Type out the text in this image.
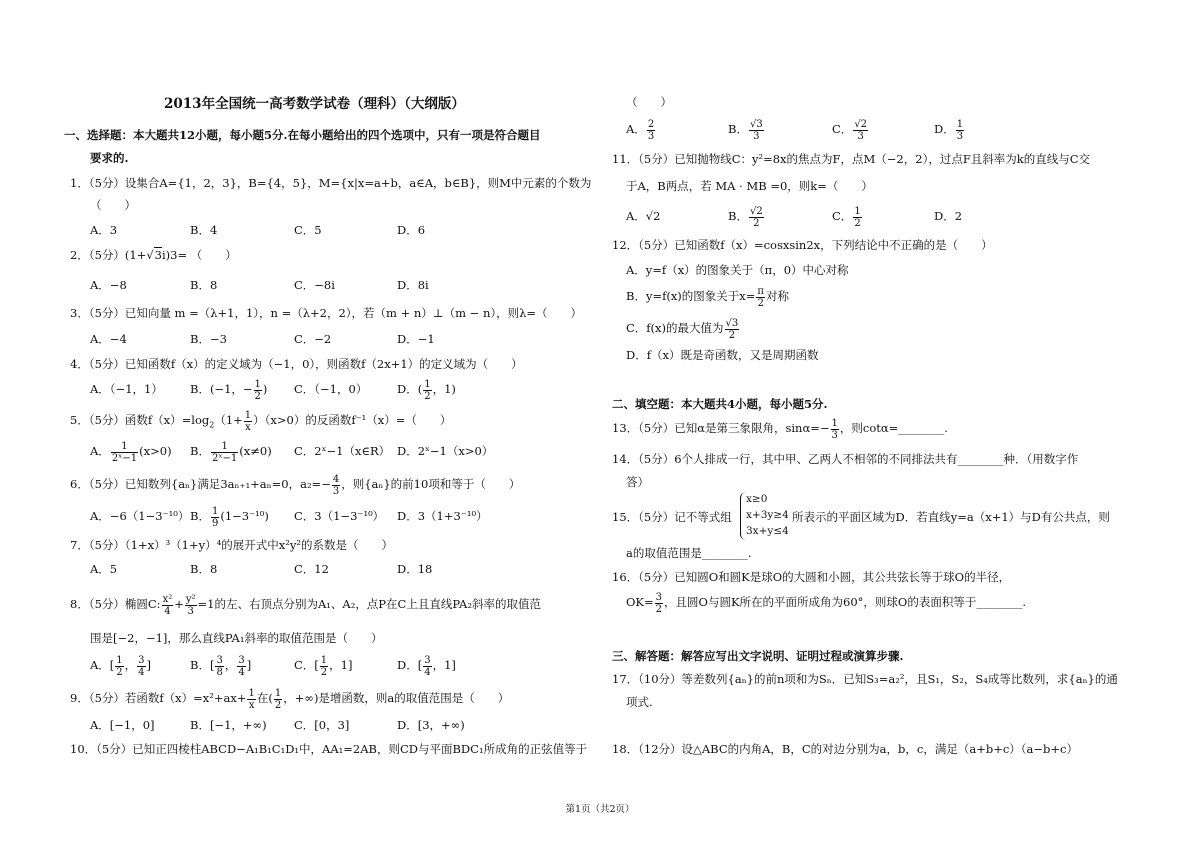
2013年全国统一高考数学试卷（理科）（大纲版）
一、选择题：本大题共12小题，每小题5分.在每小题给出的四个选项中，只有一项是符合题目
要求的.
1．（5分）设集合A={1，2，3}，B={4，5}，M={x|x=a+b，a∈A，b∈B}，则M中元素的个数为
（　　）
A．3	B．4	C．5	D．6
2．（5分）(1+√3i)3= （　　）
A．−8	B．8	C．−8i	D．8i
3．（5分）已知向量 m =（λ+1，1），n =（λ+2，2），若（m + n）⊥（m − n），则λ=（　　）
A．−4	B．−3	C．−2	D．−1
4．（5分）已知函数f（x）的定义域为（−1，0），则函数f（2x+1）的定义域为（　　）
A．（−1，1） B．(−1，− $\frac{1}{2}$ ) C．（−1，0）	D．( $\frac{1}{2}$ ，1)
5．（5分）函数$f(x)=\log_2(1+ \frac{1}{x} )(x>0)$的反函数f⁻¹（x）=（　　）
A． $\frac{1}{\text{2ˣ−1}} (x>0)$ B． $\frac{1}{\text{2ˣ−1}} (x\ne 0)$ C．2ˣ−1（x∈R） D．2ˣ−1（x>0）
6．（5分）已知数列{aₙ}满足3aₙ₊₁+aₙ=0，$a_2=- \frac{4}{3}$ ，则{aₙ}的前10项和等于（　　）
A．−6（1−3⁻¹⁰） B． $\frac{1}{9} (1-3^{-10})$ C．3（1−3⁻¹⁰） D．3（1+3⁻¹⁰）
7．（5分）（1+x）³（1+y）⁴的展开式中x²y²的系数是（　　）
A．5	B．8	C．12	D．18
8．（5分）椭圆C: $\frac{\text{x²}}{4} + \frac{\text{y²}}{3} =1$的左、右顶点分别为A₁、A₂，点P在C上且直线PA₂斜率的取值范
围是[−2，−1]，那么直线PA₁斜率的取值范围是（　　）
A．[ $\frac{1}{2}$ ， $\frac{3}{4}$ ]	B．[ $\frac{3}{8}$ ， $\frac{3}{4}$ ]	C．[ $\frac{1}{2}$ ，1]	D．[ $\frac{3}{4}$ ，1]
9．（5分）若函数$f(x)=x^2+ax+ \frac{1}{x}$ 在( $\frac{1}{2}$ ，+∞)是增函数，则a的取值范围是（　　）
A．[−1，0]	B．[−1，+∞) C．[0，3]	D．[3，+∞)
10．（5分）已知正四棱柱ABCD−A₁B₁C₁D₁中，AA₁=2AB，则CD与平面BDC₁所成角的正弦值等于
（　　）
A． $\frac{2}{3}$	B． $\frac{√3}{3}$	C． $\frac{√2}{3}$	D． $\frac{1}{3}$
11．（5分）已知抛物线C：y²=8x的焦点为F，点M（−2，2），过点F且斜率为k的直线与C交
于A，B两点，若 MA · MB =0，则k=（　　）
A．√2	B． $\frac{√2}{2}$	C． $\frac{1}{2}$	D．2
12．（5分）已知函数f（x）=cosxsin2x，下列结论中不正确的是（　　）
A．y=f（x）的图象关于（π，0）中心对称
B．y=f(x)的图象关于$x= \frac{\pi}{2}$ 对称
C．f(x)的最大值为 $\frac{√3}{2}$
D．f（x）既是奇函数，又是周期函数
二、填空题：本大题共4小题，每小题5分.
13．（5分）已知α是第三象限角，$\sin\alpha=- \frac{1}{3}$ ，则cotα=________.
14．（5分）6个人排成一行，其中甲、乙两人不相邻的不同排法共有________种．（用数字作
答）
15．（5分）记不等式组
x≥0
x+3y≥4
3x+y≤4
所表示的平面区域为D．若直线y=a（x+1）与D有公共点，则
a的取值范围是________.
16．（5分）已知圆O和圆K是球O的大圆和小圆，其公共弦长等于球O的半径，
$OK= \frac{3}{2}$ ，且圆O与圆K所在的平面所成角为60°，则球O的表面积等于________.
三、解答题：解答应写出文字说明、证明过程或演算步骤.
17．（10分）等差数列{aₙ}的前n项和为Sₙ．已知S₃=a₂²，且S₁，S₂，S₄成等比数列，求{aₙ}的通
项式.
18．（12分）设△ABC的内角A，B，C的对边分别为a，b，c，满足（a+b+c）（a−b+c）
第1页（共2页）
